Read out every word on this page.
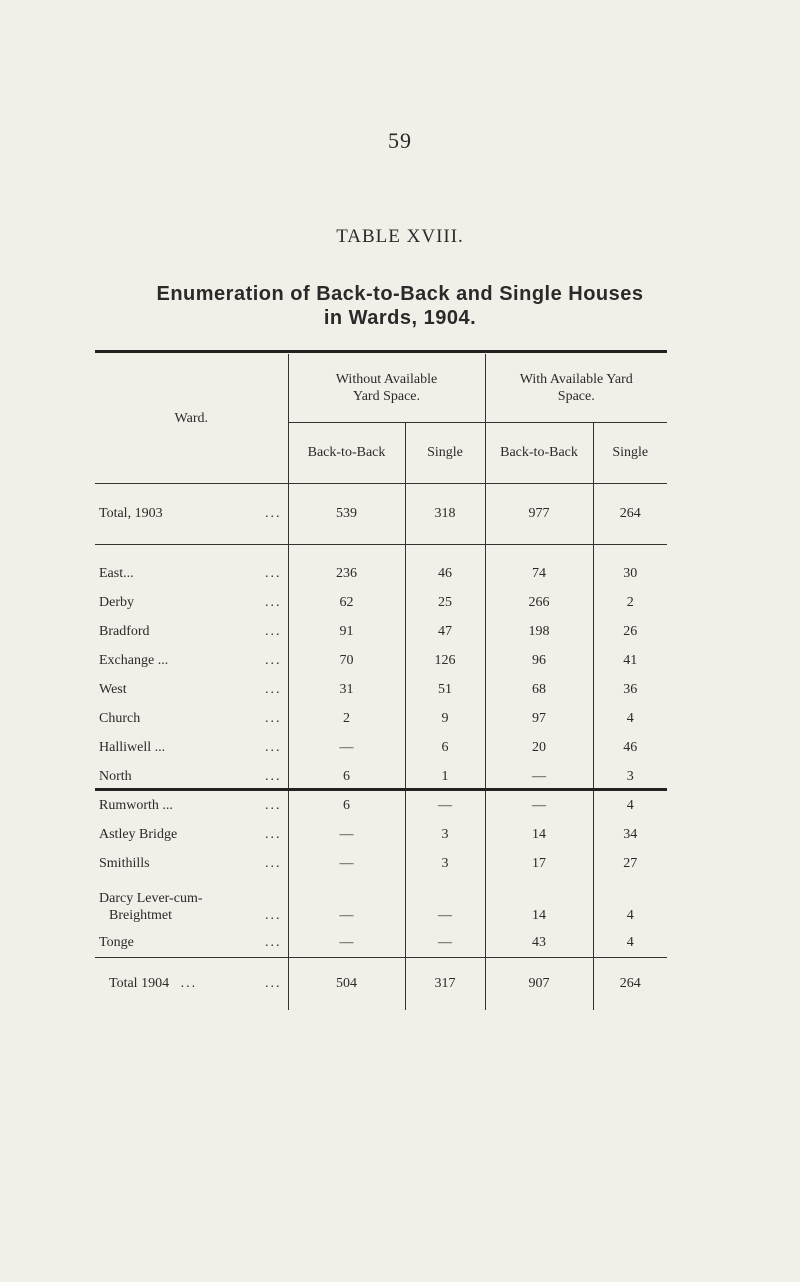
59
TABLE XVIII.
Enumeration of Back-to-Back and Single Houses
in Wards, 1904.
Ward.	Without Available Yard Space.		With Available Yard Space.	
	Back-to-Back	Single	Back-to-Back	Single
Total, 1903 ...	539	318	977	264
East... ...	236	46	74	30
Derby ...	62	25	266	2
Bradford ...	91	47	198	26
Exchange ... ...	70	126	96	41
West ...	31	51	68	36
Church ...	2	9	97	4
Halliwell ... ...	—	6	20	46
North ...	6	1	—	3
Rumworth ... ...	6	—	—	4
Astley Bridge ...	—	3	14	34
Smithills ...	—	3	17	27
Darcy Lever-cum-
Breightmet ...	—	—	14	4
Tonge ...	—	—	43	4
Total 1904 ... ...	504	317	907	264
